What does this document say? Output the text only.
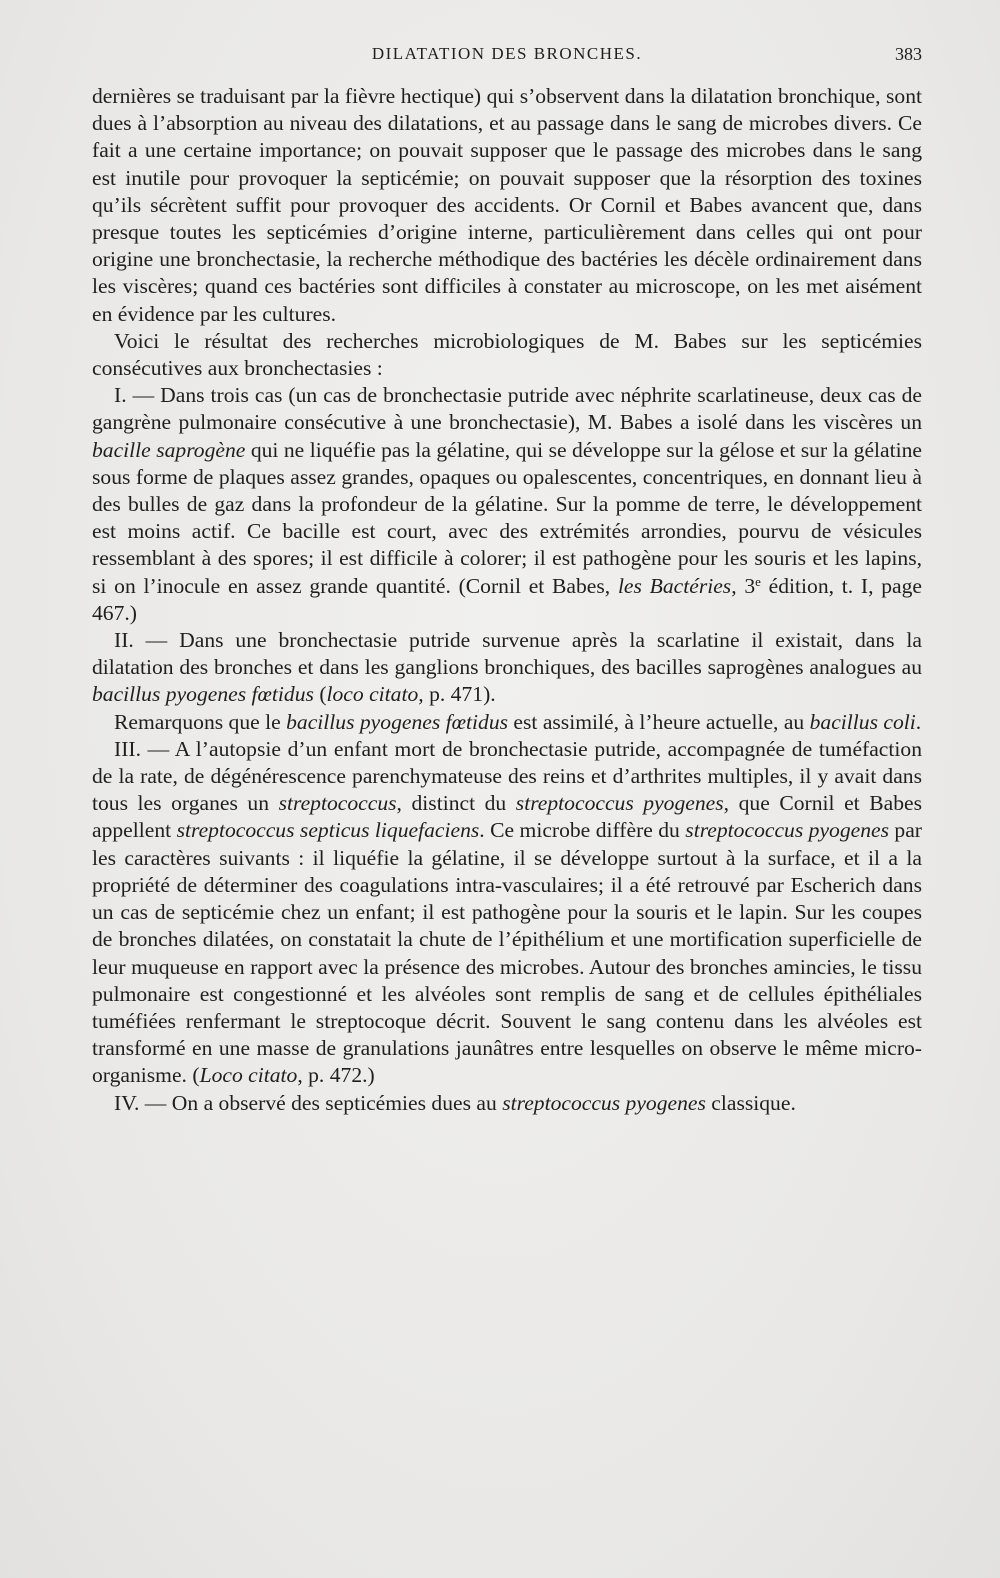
DILATATION DES BRONCHES.	383

dernières se traduisant par la fièvre hectique) qui s’observent dans la dilatation bronchique, sont dues à l’absorption au niveau des dilatations, et au passage dans le sang de microbes divers. Ce fait a une certaine importance; on pouvait supposer que le passage des microbes dans le sang est inutile pour provoquer la septicémie; on pouvait supposer que la résorption des toxines qu’ils sécrètent suffit pour provoquer des accidents. Or Cornil et Babes avancent que, dans presque toutes les septicémies d’origine interne, particulièrement dans celles qui ont pour origine une bronchectasie, la recherche méthodique des bactéries les décèle ordinairement dans les viscères; quand ces bactéries sont difficiles à constater au microscope, on les met aisément en évidence par les cultures.

Voici le résultat des recherches microbiologiques de M. Babes sur les septicémies consécutives aux bronchectasies :

I. — Dans trois cas (un cas de bronchectasie putride avec néphrite scarlatineuse, deux cas de gangrène pulmonaire consécutive à une bronchectasie), M. Babes a isolé dans les viscères un bacille saprogène qui ne liquéfie pas la gélatine, qui se développe sur la gélose et sur la gélatine sous forme de plaques assez grandes, opaques ou opalescentes, concentriques, en donnant lieu à des bulles de gaz dans la profondeur de la gélatine. Sur la pomme de terre, le développement est moins actif. Ce bacille est court, avec des extrémités arrondies, pourvu de vésicules ressemblant à des spores; il est difficile à colorer; il est pathogène pour les souris et les lapins, si on l’inocule en assez grande quantité. (Cornil et Babes, les Bactéries, 3e édition, t. I, page 467.)

II. — Dans une bronchectasie putride survenue après la scarlatine il existait, dans la dilatation des bronches et dans les ganglions bronchiques, des bacilles saprogènes analogues au bacillus pyogenes fœtidus (loco citato, p. 471).

Remarquons que le bacillus pyogenes fœtidus est assimilé, à l’heure actuelle, au bacillus coli.

III. — A l’autopsie d’un enfant mort de bronchectasie putride, accompagnée de tuméfaction de la rate, de dégénérescence parenchymateuse des reins et d’arthrites multiples, il y avait dans tous les organes un streptococcus, distinct du streptococcus pyogenes, que Cornil et Babes appellent streptococcus septicus liquefaciens. Ce microbe diffère du streptococcus pyogenes par les caractères suivants : il liquéfie la gélatine, il se développe surtout à la surface, et il a la propriété de déterminer des coagulations intra-vasculaires; il a été retrouvé par Escherich dans un cas de septicémie chez un enfant; il est pathogène pour la souris et le lapin. Sur les coupes de bronches dilatées, on constatait la chute de l’épithélium et une mortification superficielle de leur muqueuse en rapport avec la présence des microbes. Autour des bronches amincies, le tissu pulmonaire est congestionné et les alvéoles sont remplis de sang et de cellules épithéliales tuméfiées renfermant le streptocoque décrit. Souvent le sang contenu dans les alvéoles est transformé en une masse de granulations jaunâtres entre lesquelles on observe le même micro-organisme. (Loco citato, p. 472.)

IV. — On a observé des septicémies dues au streptococcus pyogenes classique.
